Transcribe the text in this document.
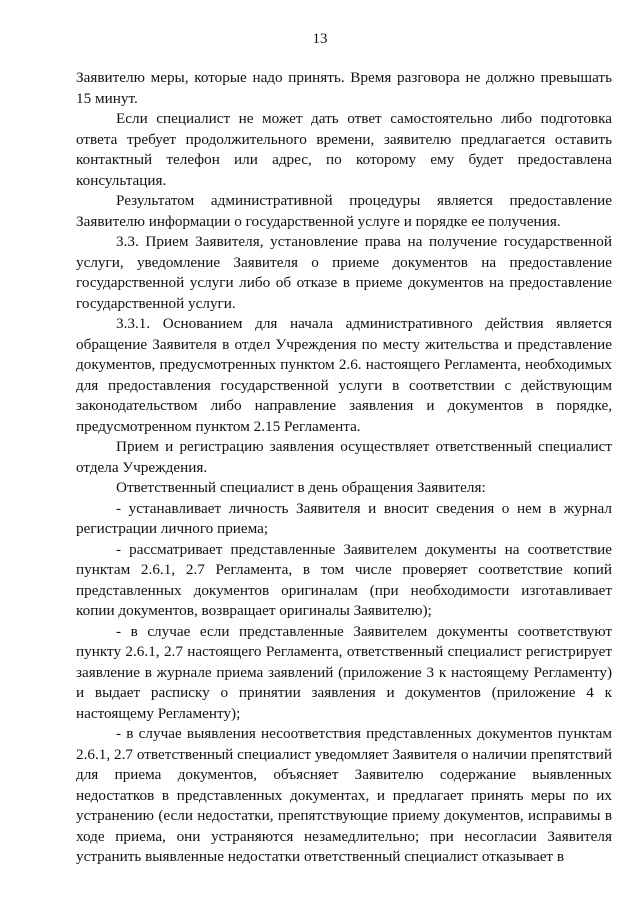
13

Заявителю меры, которые надо принять. Время разговора не должно превышать 15 минут.

Если специалист не может дать ответ самостоятельно либо подготовка ответа требует продолжительного времени, заявителю предлагается оставить контактный телефон или адрес, по которому ему будет предоставлена консультация.

Результатом административной процедуры является предоставление Заявителю информации о государственной услуге и порядке ее получения.

3.3. Прием Заявителя, установление права на получение государственной услуги, уведомление Заявителя о приеме документов на предоставление государственной услуги либо об отказе в приеме документов на предоставление государственной услуги.

3.3.1. Основанием для начала административного действия является обращение Заявителя в отдел Учреждения по месту жительства и представление документов, предусмотренных пунктом 2.6. настоящего Регламента, необходимых для предоставления государственной услуги в соответствии с действующим законодательством либо направление заявления и документов в порядке, предусмотренном пунктом 2.15 Регламента.

Прием и регистрацию заявления осуществляет ответственный специалист отдела Учреждения.

Ответственный специалист в день обращения Заявителя:

- устанавливает личность Заявителя и вносит сведения о нем в журнал регистрации личного приема;

- рассматривает представленные Заявителем документы на соответствие пунктам 2.6.1, 2.7 Регламента, в том числе проверяет соответствие копий представленных документов оригиналам (при необходимости изготавливает копии документов, возвращает оригиналы Заявителю);

- в случае если представленные Заявителем документы соответствуют пункту 2.6.1, 2.7 настоящего Регламента, ответственный специалист регистрирует заявление в журнале приема заявлений (приложение 3 к настоящему Регламенту) и выдает расписку о принятии заявления и документов (приложение 4 к настоящему Регламенту);

- в случае выявления несоответствия представленных документов пунктам 2.6.1, 2.7 ответственный специалист уведомляет Заявителя о наличии препятствий для приема документов, объясняет Заявителю содержание выявленных недостатков в представленных документах, и предлагает принять меры по их устранению (если недостатки, препятствующие приему документов, исправимы в ходе приема, они устраняются незамедлительно; при несогласии Заявителя устранить выявленные недостатки ответственный специалист отказывает в
